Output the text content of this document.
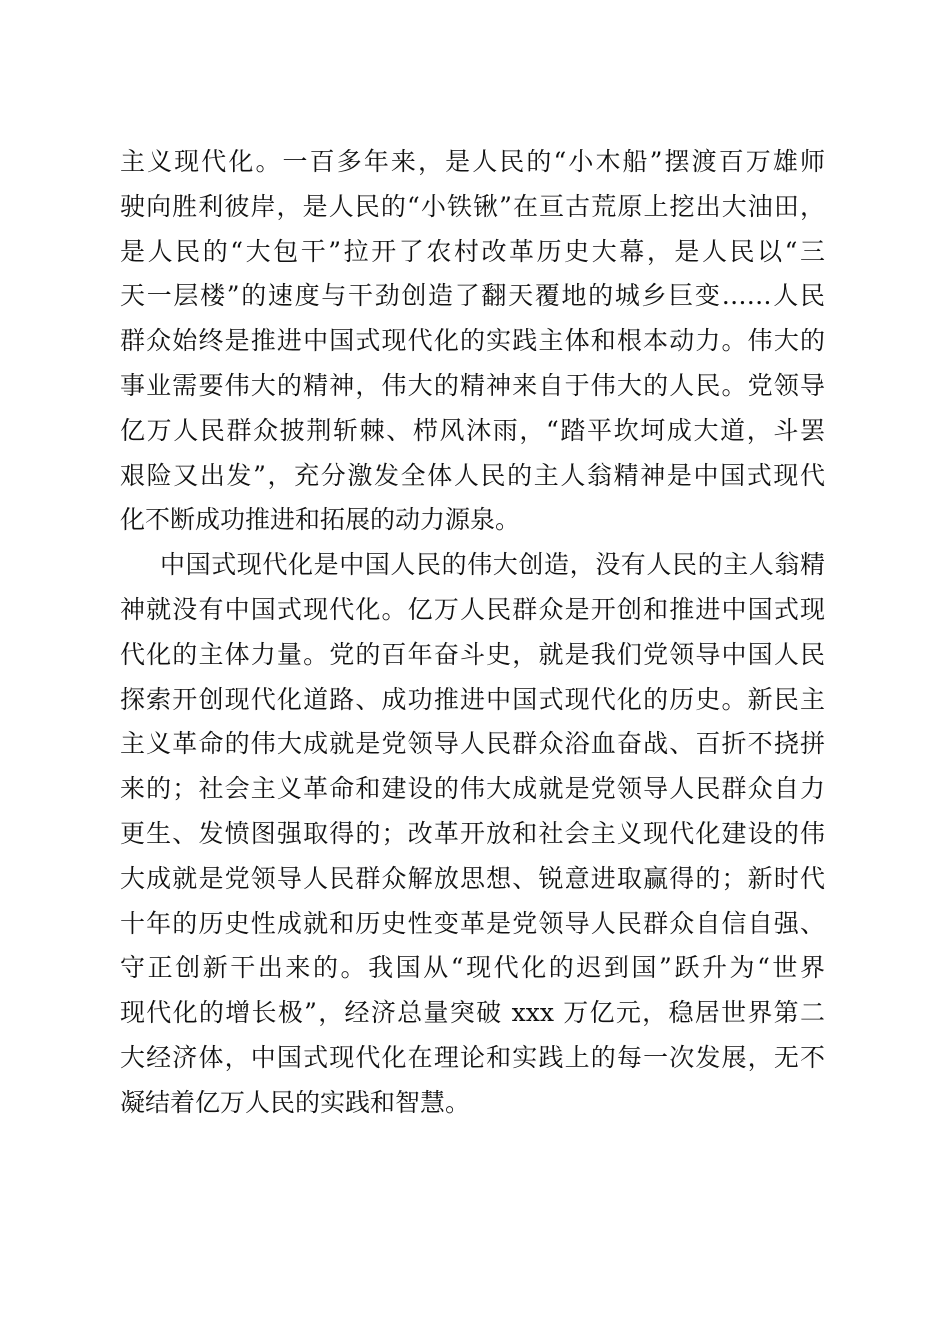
主义现代化。一百多年来，是人民的“小木船”摆渡百万雄师
驶向胜利彼岸，是人民的“小铁锹”在亘古荒原上挖出大油田，
是人民的“大包干”拉开了农村改革历史大幕，是人民以“三
天一层楼”的速度与干劲创造了翻天覆地的城乡巨变……人民
群众始终是推进中国式现代化的实践主体和根本动力。伟大的
事业需要伟大的精神，伟大的精神来自于伟大的人民。党领导
亿万人民群众披荆斩棘、栉风沐雨，“踏平坎坷成大道，斗罢
艰险又出发”，充分激发全体人民的主人翁精神是中国式现代
化不断成功推进和拓展的动力源泉。
中国式现代化是中国人民的伟大创造，没有人民的主人翁精
神就没有中国式现代化。亿万人民群众是开创和推进中国式现
代化的主体力量。党的百年奋斗史，就是我们党领导中国人民
探索开创现代化道路、成功推进中国式现代化的历史。新民主
主义革命的伟大成就是党领导人民群众浴血奋战、百折不挠拼
来的；社会主义革命和建设的伟大成就是党领导人民群众自力
更生、发愤图强取得的；改革开放和社会主义现代化建设的伟
大成就是党领导人民群众解放思想、锐意进取赢得的；新时代
十年的历史性成就和历史性变革是党领导人民群众自信自强、
守正创新干出来的。我国从“现代化的迟到国”跃升为“世界
现代化的增长极”，经济总量突破 xxx 万亿元，稳居世界第二
大经济体，中国式现代化在理论和实践上的每一次发展，无不
凝结着亿万人民的实践和智慧。
